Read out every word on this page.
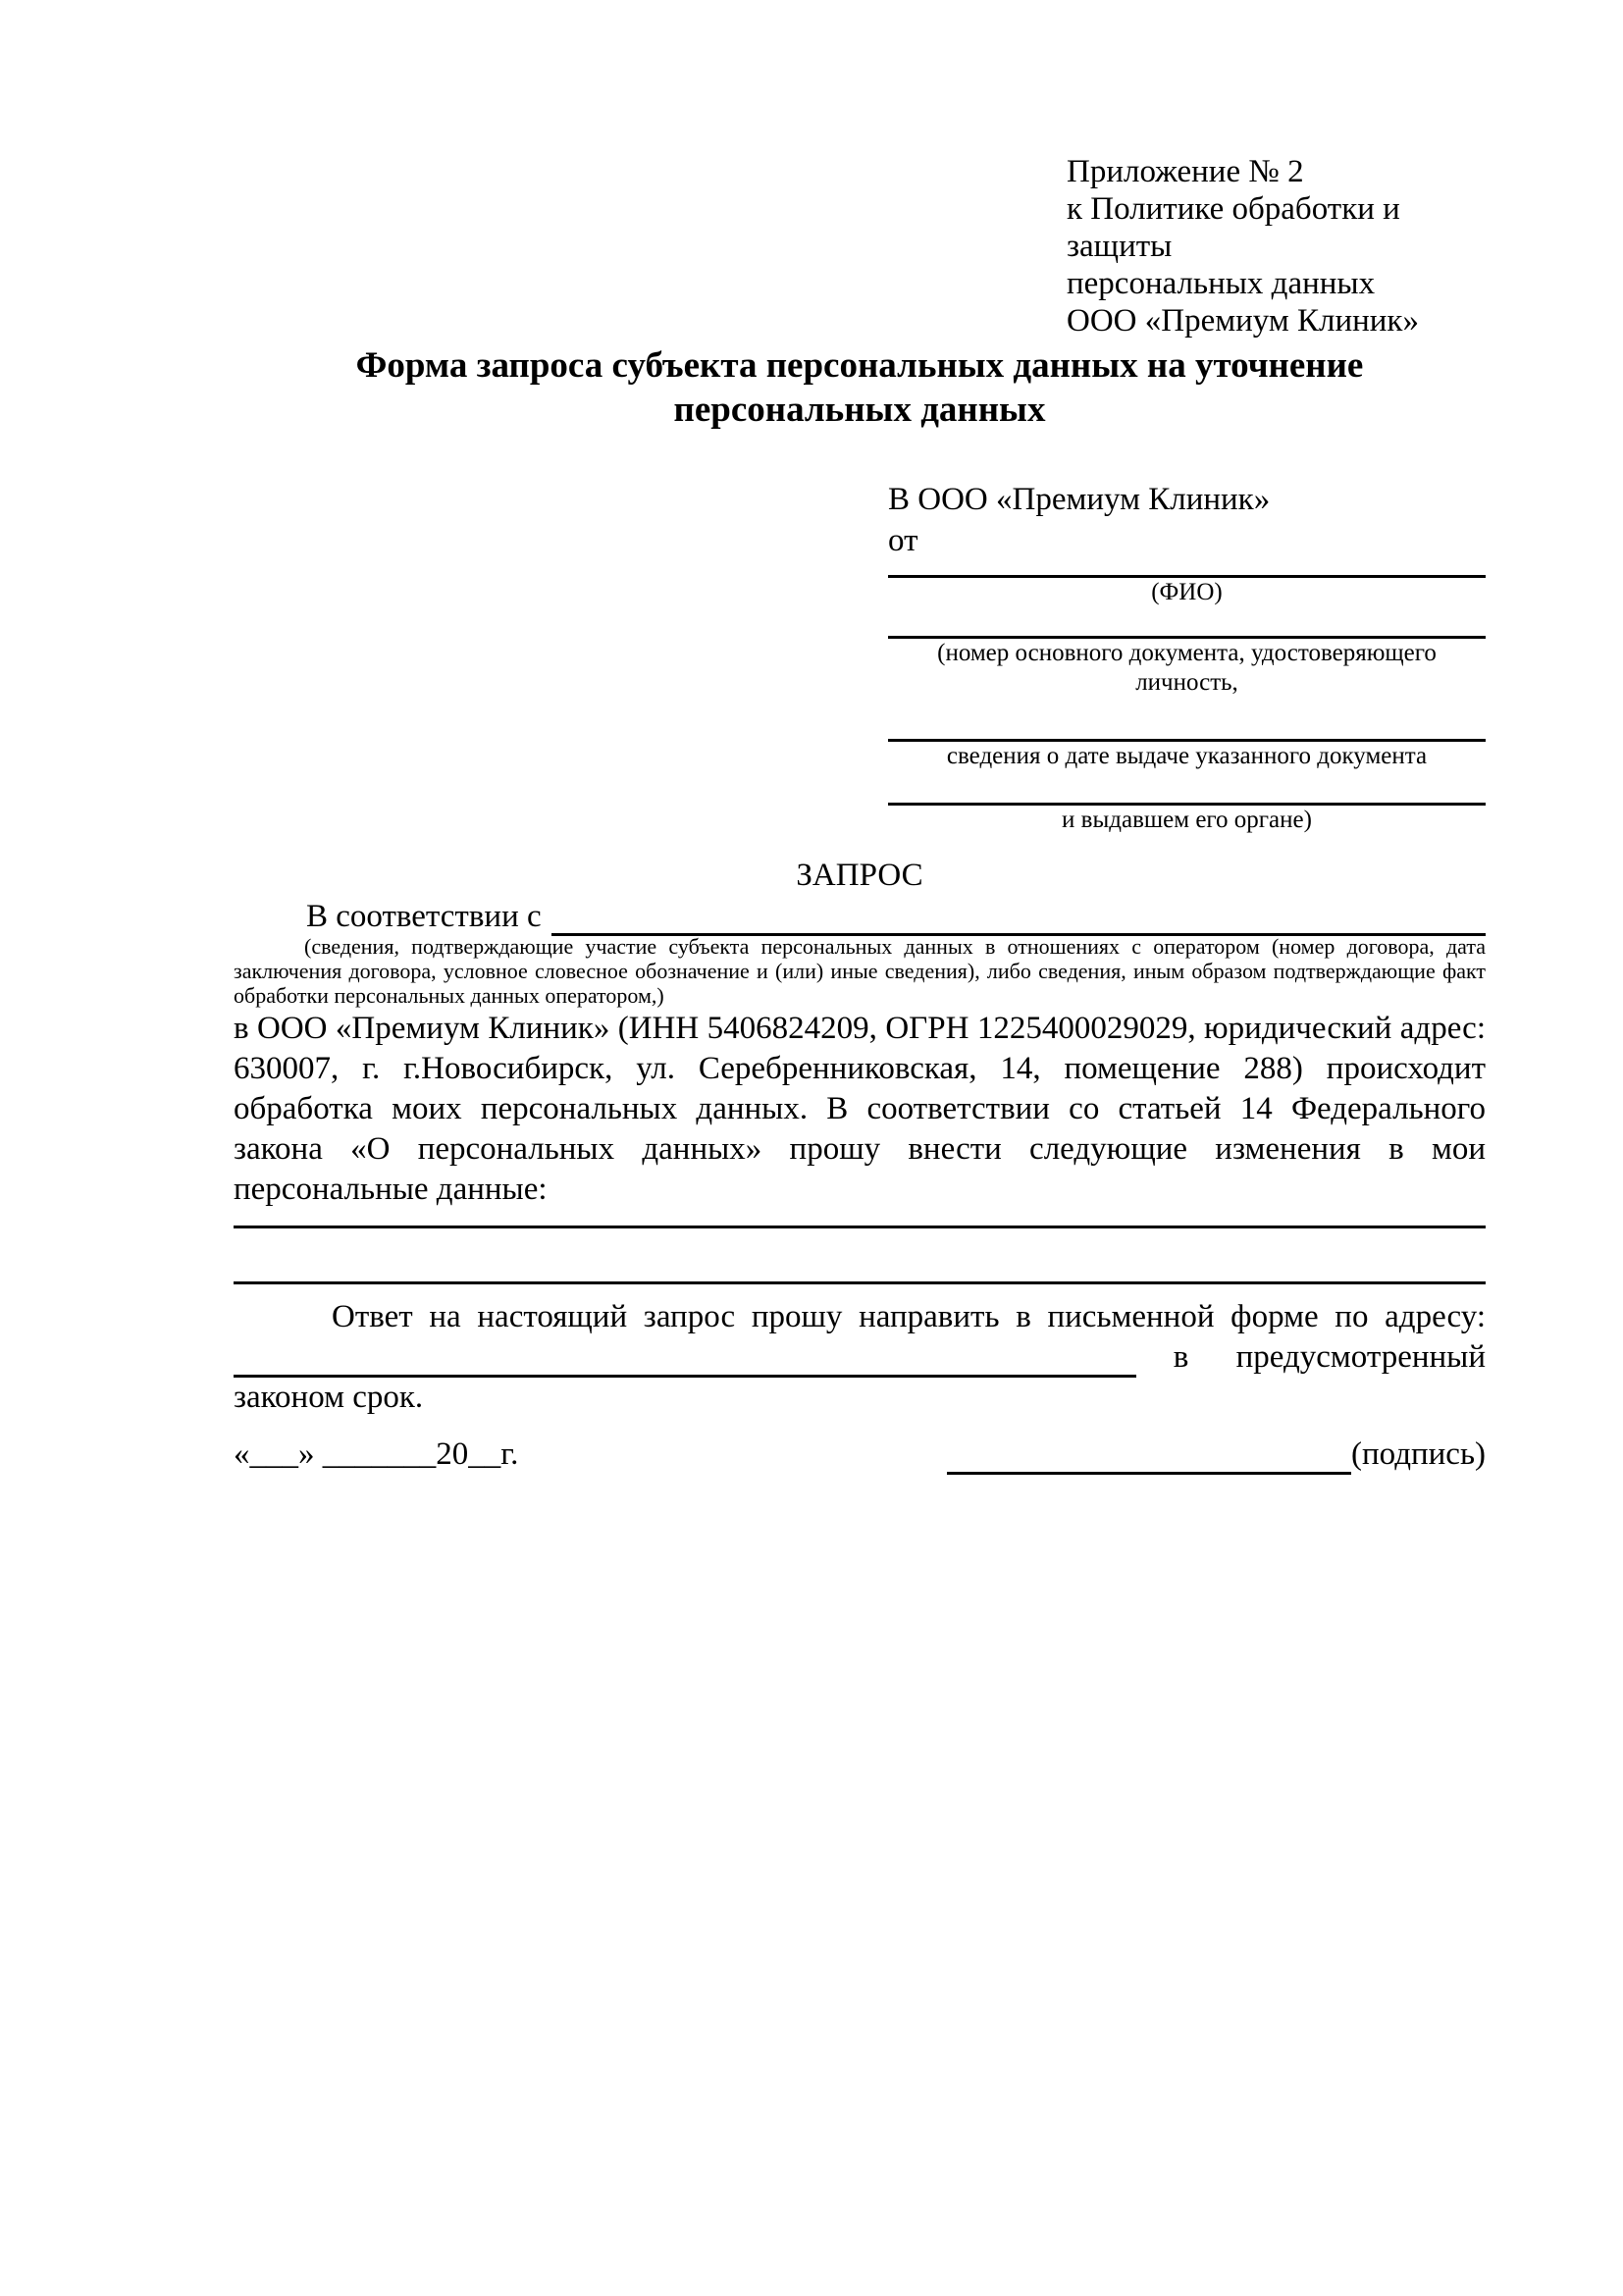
Приложение № 2
к Политике обработки и защиты
персональных данных
ООО «Премиум Клиник»
Форма запроса субъекта персональных данных на уточнение персональных данных
В ООО «Премиум Клиник»
от
(ФИО)
(номер основного документа, удостоверяющего личность,
сведения о дате выдаче указанного документа
и выдавшем его органе)
ЗАПРОС
В соответствии с
(сведения, подтверждающие участие субъекта персональных данных в отношениях с оператором (номер договора, дата заключения договора, условное словесное обозначение и (или) иные сведения), либо сведения, иным образом подтверждающие факт обработки персональных данных оператором,)
в ООО «Премиум Клиник» (ИНН 5406824209, ОГРН 1225400029029, юридический адрес: 630007, г. г.Новосибирск, ул. Серебренниковская, 14, помещение 288) происходит обработка моих персональных данных. В соответствии со статьей 14 Федерального закона «О персональных данных» прошу внести следующие изменения в мои персональные данные:
Ответ на настоящий запрос прошу направить в письменной форме по адресу:
в предусмотренный
законом срок.
«___» _______20__г.	(подпись)
